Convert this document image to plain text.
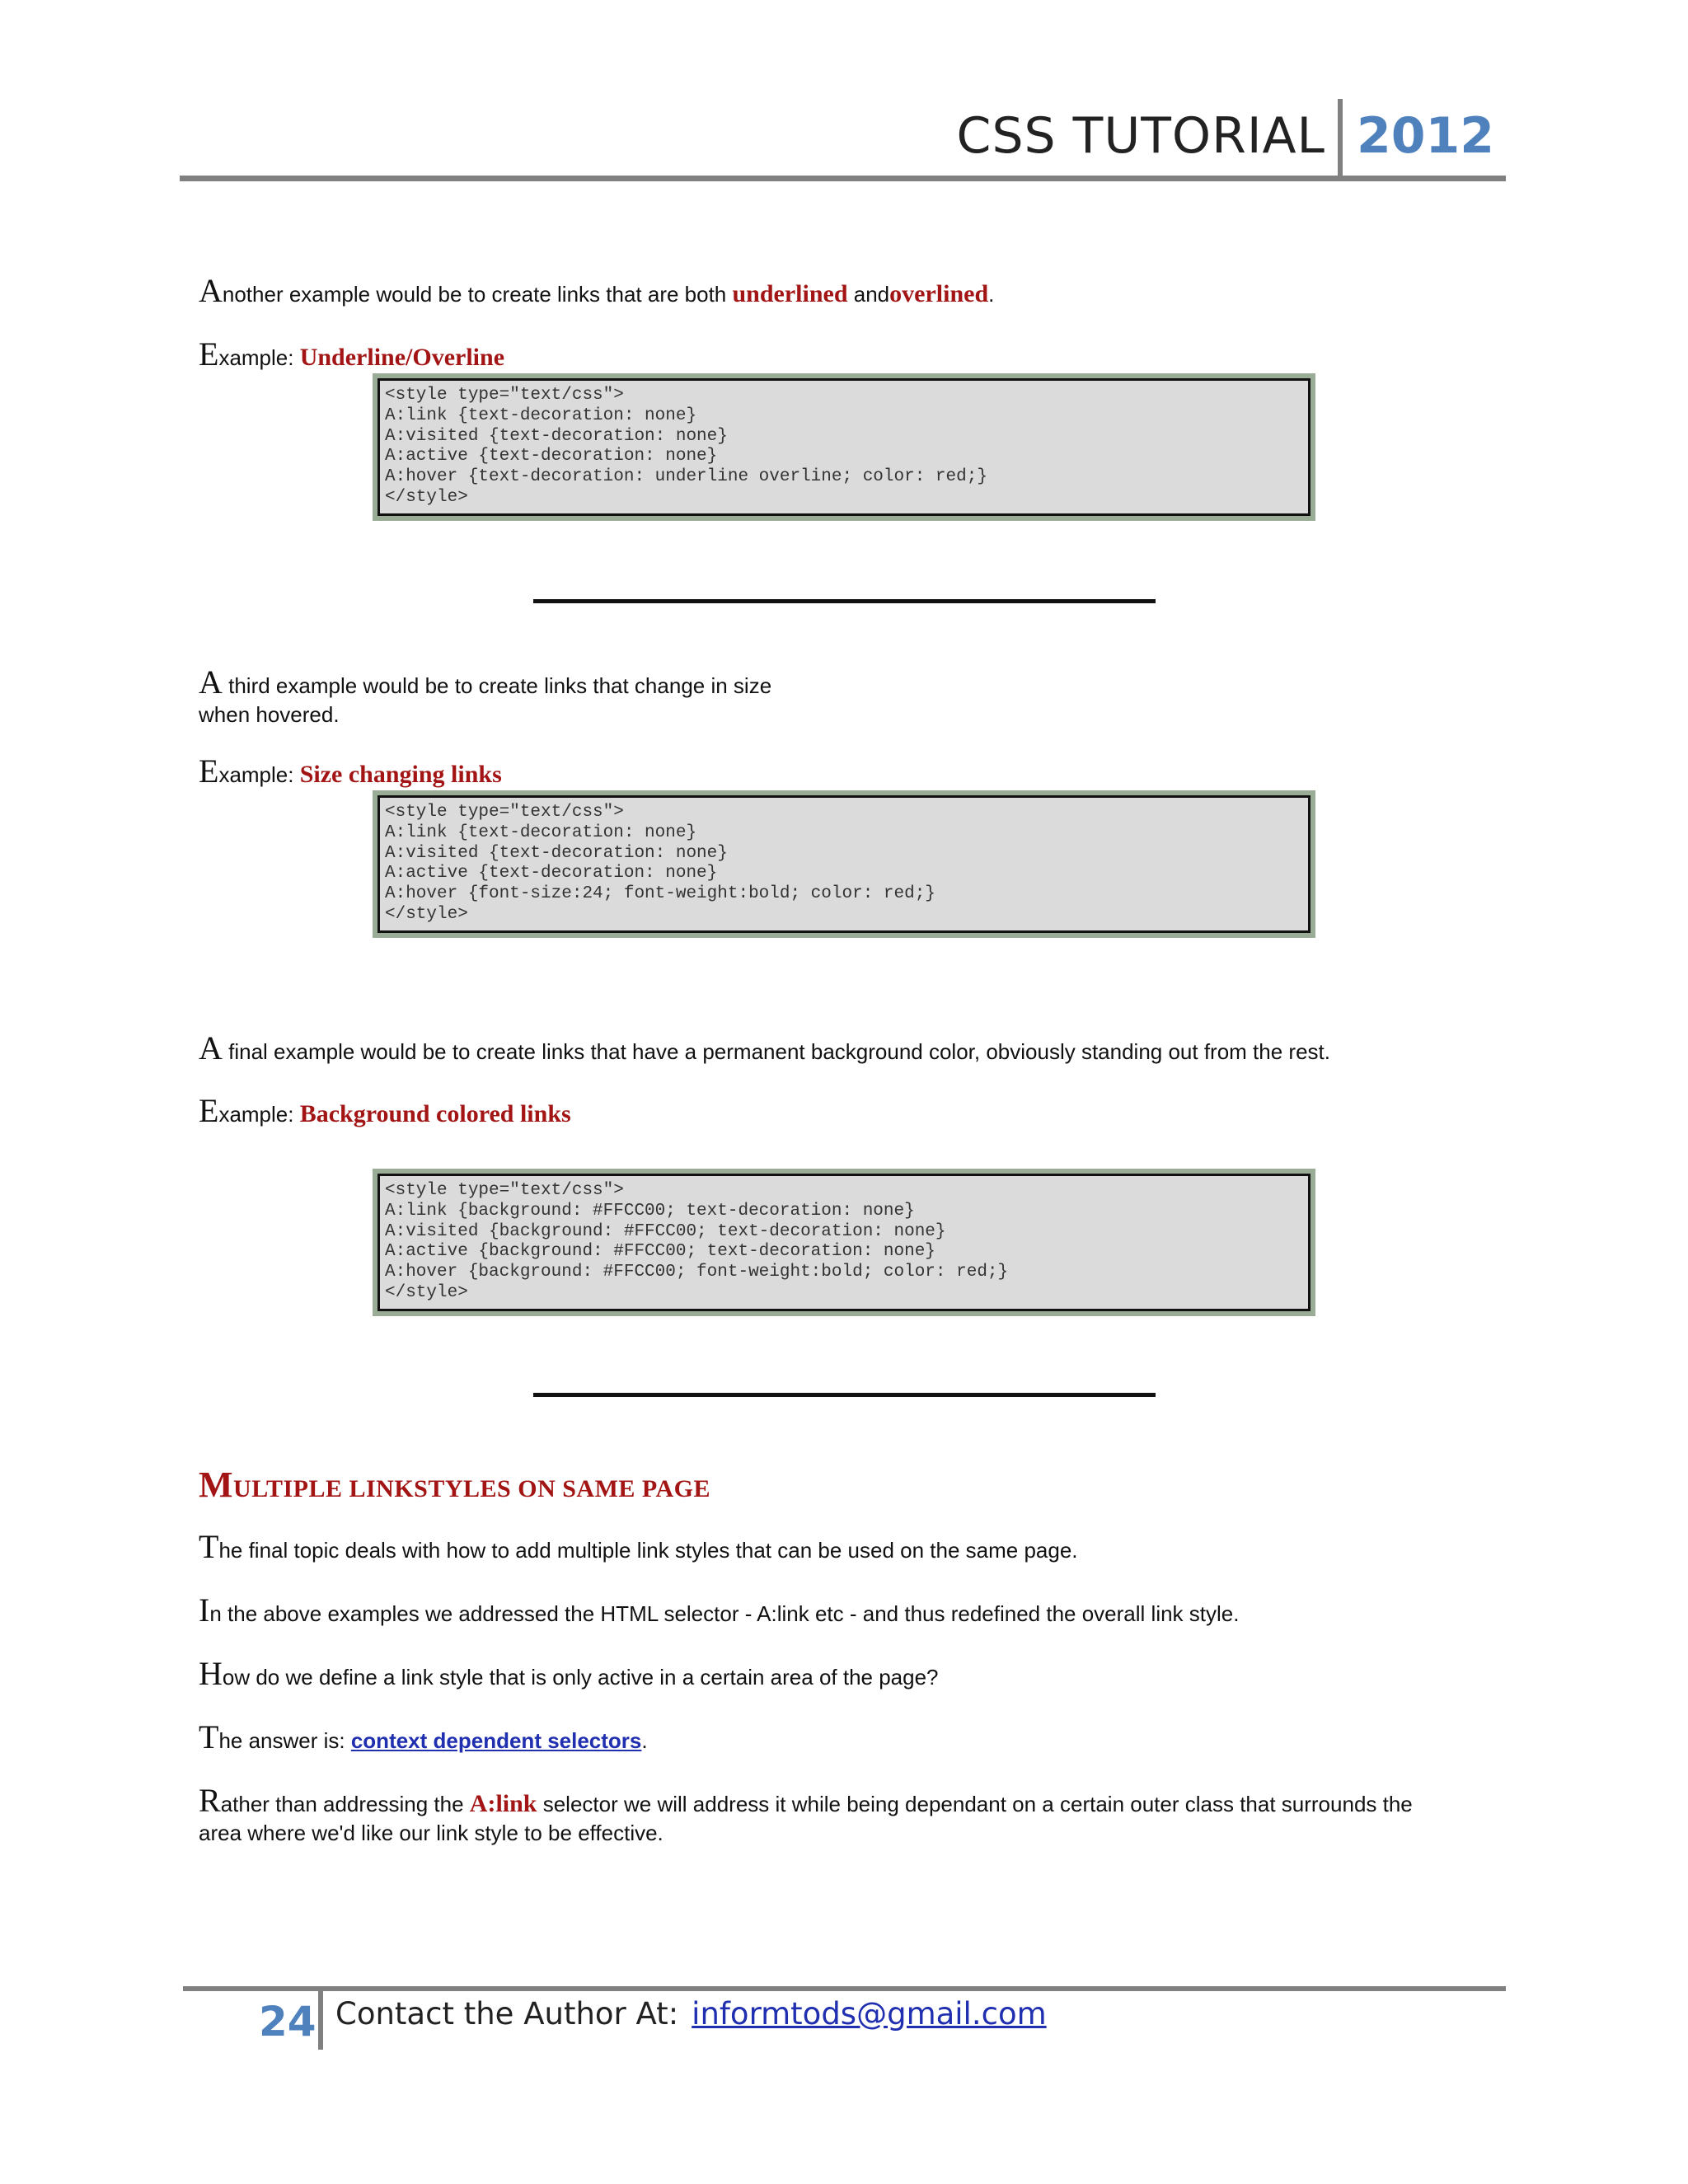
CSS TUTORIAL 2012
Another example would be to create links that are both underlined andoverlined.
Example: Underline/Overline
<style type="text/css">
A:link {text-decoration: none}
A:visited {text-decoration: none}
A:active {text-decoration: none}
A:hover {text-decoration: underline overline; color: red;}
</style>
A third example would be to create links that change in size
when hovered.
Example: Size changing links
<style type="text/css">
A:link {text-decoration: none}
A:visited {text-decoration: none}
A:active {text-decoration: none}
A:hover {font-size:24; font-weight:bold; color: red;}
</style>
A final example would be to create links that have a permanent background color, obviously standing out from the rest.
Example: Background colored links
<style type="text/css">
A:link {background: #FFCC00; text-decoration: none}
A:visited {background: #FFCC00; text-decoration: none}
A:active {background: #FFCC00; text-decoration: none}
A:hover {background: #FFCC00; font-weight:bold; color: red;}
</style>
MULTIPLE LINKSTYLES ON SAME PAGE
The final topic deals with how to add multiple link styles that can be used on the same page.
In the above examples we addressed the HTML selector - A:link etc - and thus redefined the overall link style.
How do we define a link style that is only active in a certain area of the page?
The answer is: context dependent selectors.
Rather than addressing the A:link selector we will address it while being dependant on a certain outer class that surrounds the
area where we'd like our link style to be effective.
24 Contact the Author At: informtods@gmail.com
